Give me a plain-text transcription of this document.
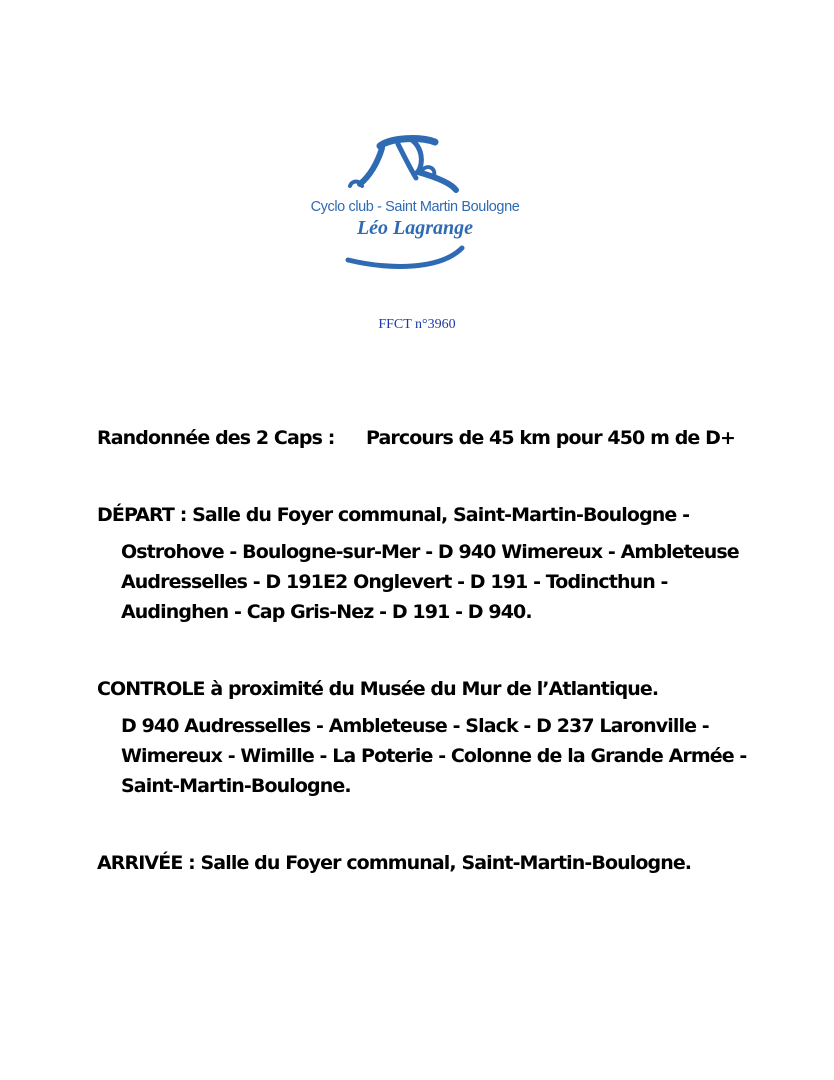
Cyclo club - Saint Martin Boulogne
Léo Lagrange
FFCT n°3960
Randonnée des 2 Caps : Parcours de 45 km pour 450 m de D+
DÉPART : Salle du Foyer communal, Saint-Martin-Boulogne -
Ostrohove - Boulogne-sur-Mer - D 940 Wimereux - Ambleteuse
Audresselles - D 191E2 Onglevert - D 191 - Todincthun -
Audinghen - Cap Gris-Nez - D 191 - D 940.
CONTROLE à proximité du Musée du Mur de l’Atlantique.
D 940 Audresselles - Ambleteuse - Slack - D 237 Laronville -
Wimereux - Wimille - La Poterie - Colonne de la Grande Armée -
Saint-Martin-Boulogne.
ARRIVÉE : Salle du Foyer communal, Saint-Martin-Boulogne.
